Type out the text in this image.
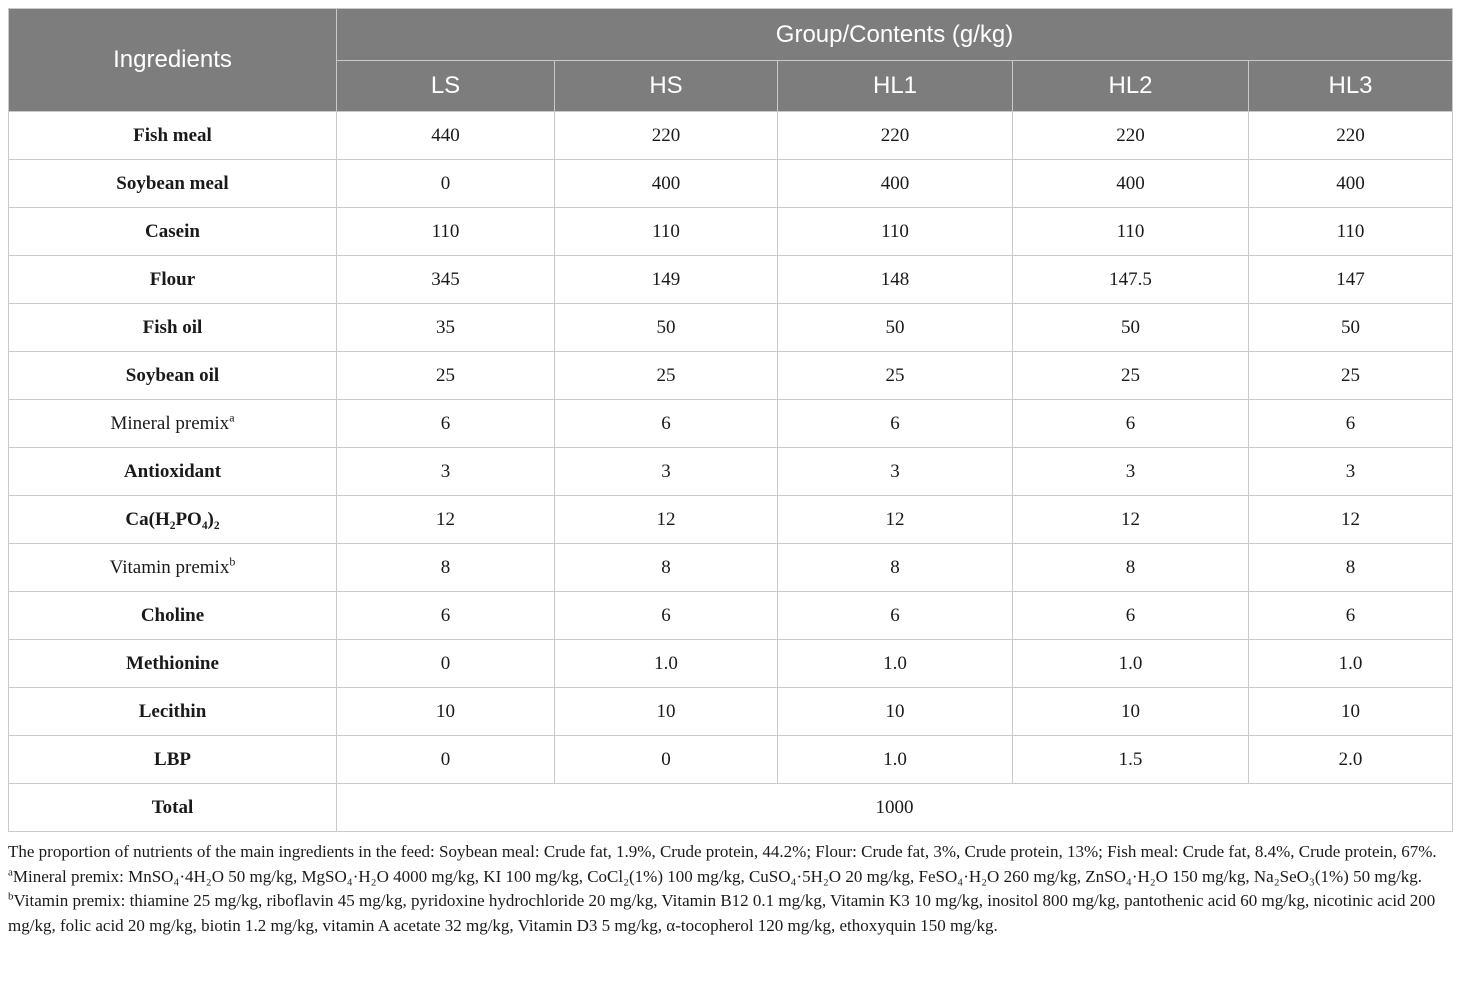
Ingredients	Group/Contents (g/kg)				
	LS	HS	HL1	HL2	HL3
Fish meal	440	220	220	220	220
Soybean meal	0	400	400	400	400
Casein	110	110	110	110	110
Flour	345	149	148	147.5	147
Fish oil	35	50	50	50	50
Soybean oil	25	25	25	25	25
Mineral premix$^a$	6	6	6	6	6
Antioxidant	3	3	3	3	3
Ca(H₂PO₄)₂	12	12	12	12	12
Vitamin premix$^b$	8	8	8	8	8
Choline	6	6	6	6	6
Methionine	0	1.0	1.0	1.0	1.0
Lecithin	10	10	10	10	10
LBP	0	0	1.0	1.5	2.0
Total	1000				

The proportion of nutrients of the main ingredients in the feed: Soybean meal: Crude fat, 1.9%, Crude protein, 44.2%; Flour: Crude fat, 3%, Crude protein, 13%; Fish meal: Crude fat, 8.4%, Crude protein, 67%.

$^a$Mineral premix: MnSO₄·4H₂O 50 mg/kg, MgSO₄·H₂O 4000 mg/kg, KI 100 mg/kg, CoCl₂(1%) 100 mg/kg, CuSO₄·5H₂O 20 mg/kg, FeSO₄·H₂O 260 mg/kg, ZnSO₄·H₂O 150 mg/kg, Na₂SeO₃(1%) 50 mg/kg.

$^b$Vitamin premix: thiamine 25 mg/kg, riboflavin 45 mg/kg, pyridoxine hydrochloride 20 mg/kg, Vitamin B12 0.1 mg/kg, Vitamin K3 10 mg/kg, inositol 800 mg/kg, pantothenic acid 60 mg/kg, nicotinic acid 200 mg/kg, folic acid 20 mg/kg, biotin 1.2 mg/kg, vitamin A acetate 32 mg/kg, Vitamin D3 5 mg/kg, α-tocopherol 120 mg/kg, ethoxyquin 150 mg/kg.
